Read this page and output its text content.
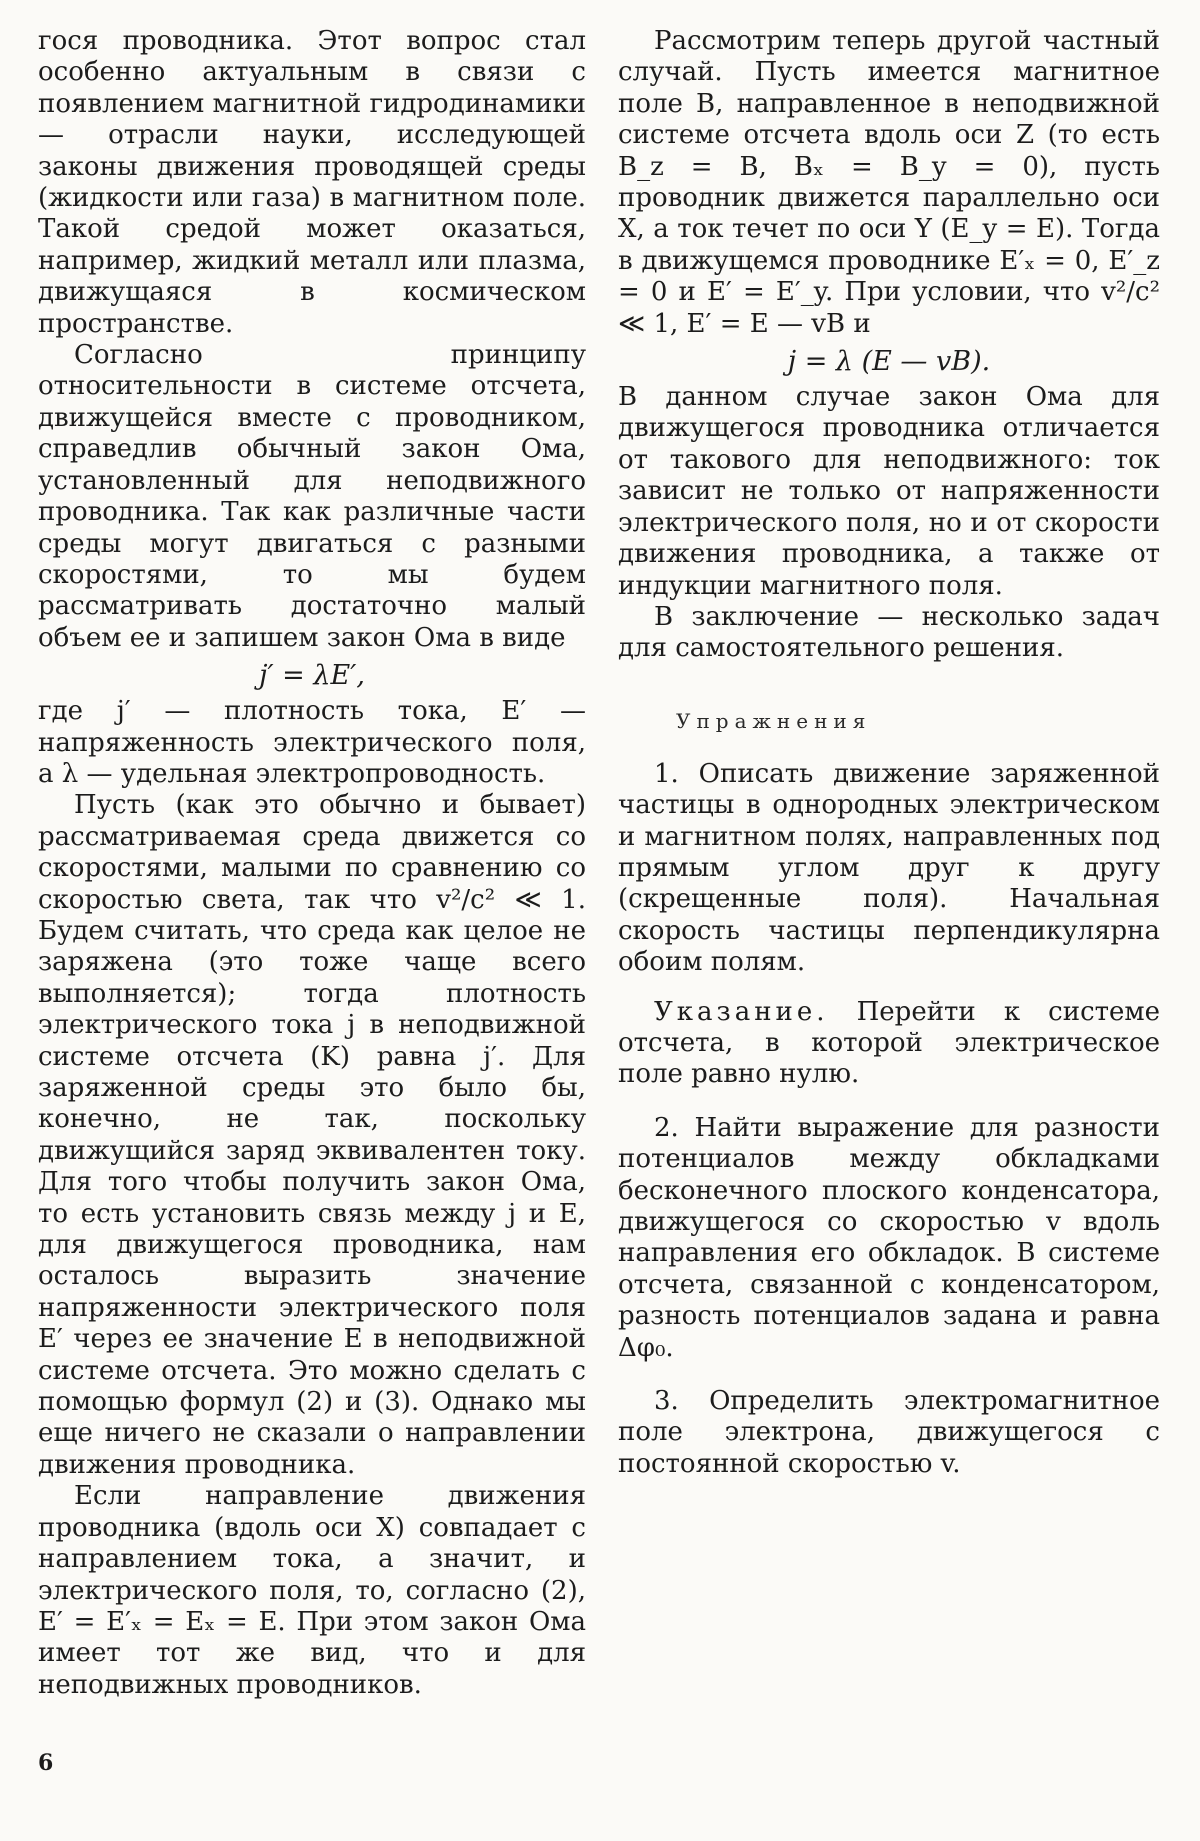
гося проводника. Этот вопрос стал особенно актуальным в связи с появлением магнитной гидродинамики— отрасли науки, исследующей законы движения проводящей среды (жидкости или газа) в магнитном поле. Такой средой может оказаться, например, жидкий металл или плазма, движущаяся в космическом пространстве.

Согласно принципу относительности в системе отсчета, движущейся вместе с проводником, справедлив обычный закон Ома, установленный для неподвижного проводника. Так как различные части среды могут двигаться с разными скоростями, то мы будем рассматривать достаточно малый объем ее и запишем закон Ома в виде

j′ = λE′,

где j′ — плотность тока, E′ — напряженность электрического поля, а λ — удельная электропроводность.

Пусть (как это обычно и бывает) рассматриваемая среда движется со скоростями, малыми по сравнению со скоростью света, так что v²/c² ≪ 1. Будем считать, что среда как целое не заряжена (это тоже чаще всего выполняется); тогда плотность электрического тока j в неподвижной системе отсчета (K) равна j′. Для заряженной среды это было бы, конечно, не так, поскольку движущийся заряд эквивалентен току. Для того чтобы получить закон Ома, то есть установить связь между j и E, для движущегося проводника, нам осталось выразить значение напряженности электрического поля E′ через ее значение E в неподвижной системе отсчета. Это можно сделать с помощью формул (2) и (3). Однако мы еще ничего не сказали о направлении движения проводника.

Если направление движения проводника (вдоль оси X) совпадает с направлением тока, а значит, и электрического поля, то, согласно (2), E′ = E′ₓ = Eₓ = E. При этом закон Ома имеет тот же вид, что и для неподвижных проводников.

Рассмотрим теперь другой частный случай. Пусть имеется магнитное поле B, направленное в неподвижной системе отсчета вдоль оси Z (то есть B_z = B, Bₓ = B_y = 0), пусть проводник движется параллельно оси X, а ток течет по оси Y (E_y = E). Тогда в движущемся проводнике E′ₓ = 0, E′_z = 0 и E′ = E′_y. При условии, что v²/c² ≪ 1, E′ = E — vB и

j = λ (E — vB).

В данном случае закон Ома для движущегося проводника отличается от такового для неподвижного: ток зависит не только от напряженности электрического поля, но и от скорости движения проводника, а также от индукции магнитного поля.

В заключение — несколько задач для самостоятельного решения.

Упражнения

1. Описать движение заряженной частицы в однородных электрическом и магнитном полях, направленных под прямым углом друг к другу (скрещенные поля). Начальная скорость частицы перпендикулярна обоим полям.

Указание. Перейти к системе отсчета, в которой электрическое поле равно нулю.

2. Найти выражение для разности потенциалов между обкладками бесконечного плоского конденсатора, движущегося со скоростью v вдоль направления его обкладок. В системе отсчета, связанной с конденсатором, разность потенциалов задана и равна Δφ₀.

3. Определить электромагнитное поле электрона, движущегося с постоянной скоростью v.

6
